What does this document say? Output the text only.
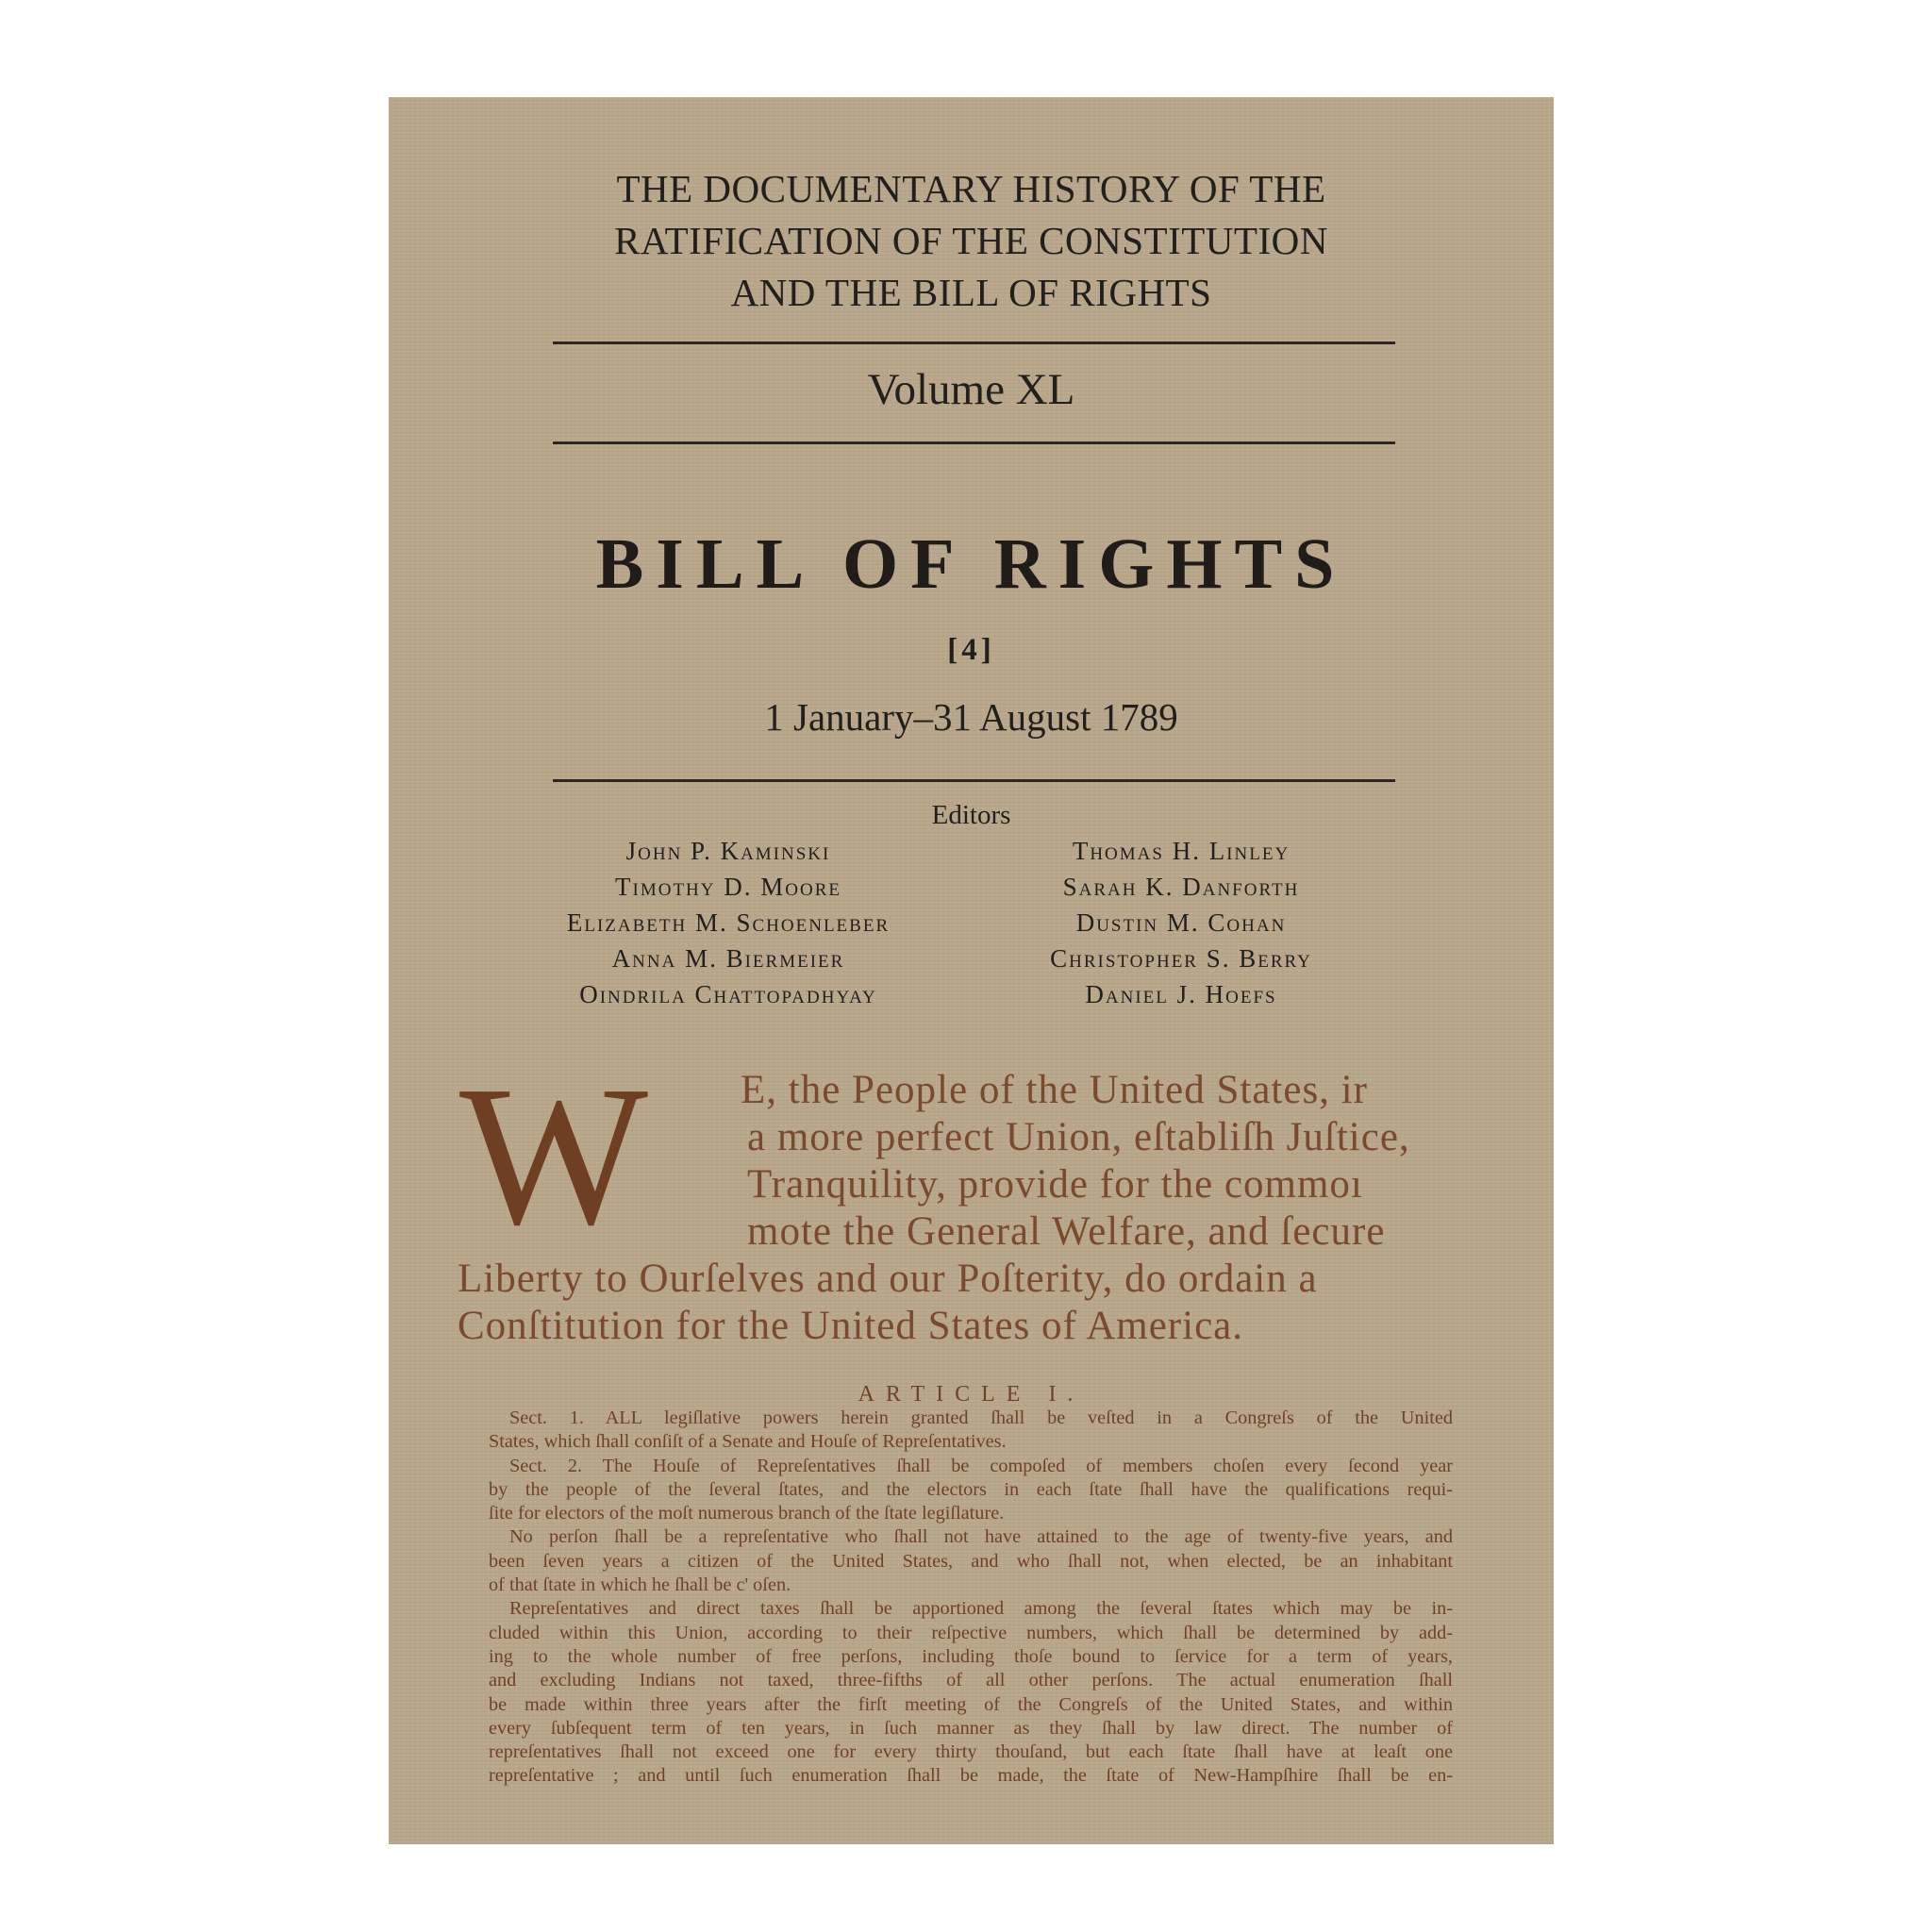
THE DOCUMENTARY HISTORY OF THE
RATIFICATION OF THE CONSTITUTION
AND THE BILL OF RIGHTS
Volume XL
BILL OF RIGHTS
[4]
1 January–31 August 1789
Editors
John P. Kaminski
Timothy D. Moore
Elizabeth M. Schoenleber
Anna M. Biermeier
Oindrila Chattopadhyay
Thomas H. Linley
Sarah K. Danforth
Dustin M. Cohan
Christopher S. Berry
Daniel J. Hoefs
W E, the People of the United States, ir
a more perfect Union, eſtabliſh Juſtice,
Tranquility, provide for the commoı
mote the General Welfare, and ſecure
Liberty to Ourſelves and our Poſterity, do ordain a
Conſtitution for the United States of America.
ARTICLE I.
Sect. 1. ALL legiſlative powers herein granted ſhall be veſted in a Congreſs of the United
States, which ſhall conſiſt of a Senate and Houſe of Repreſentatives.
Sect. 2. The Houſe of Repreſentatives ſhall be compoſed of members choſen every ſecond year
by the people of the ſeveral ſtates, and the electors in each ſtate ſhall have the qualifications requi-
ſite for electors of the moſt numerous branch of the ſtate legiſlature.
No perſon ſhall be a repreſentative who ſhall not have attained to the age of twenty-five years, and
been ſeven years a citizen of the United States, and who ſhall not, when elected, be an inhabitant
of that ſtate in which he ſhall be c' oſen.
Repreſentatives and direct taxes ſhall be apportioned among the ſeveral ſtates which may be in-
cluded within this Union, according to their reſpective numbers, which ſhall be determined by add-
ing to the whole number of free perſons, including thoſe bound to ſervice for a term of years,
and excluding Indians not taxed, three-fifths of all other perſons. The actual enumeration ſhall
be made within three years after the firſt meeting of the Congreſs of the United States, and within
every ſubſequent term of ten years, in ſuch manner as they ſhall by law direct. The number of
repreſentatives ſhall not exceed one for every thirty thouſand, but each ſtate ſhall have at leaſt one
repreſentative ; and until ſuch enumeration ſhall be made, the ſtate of New-Hampſhire ſhall be en-
